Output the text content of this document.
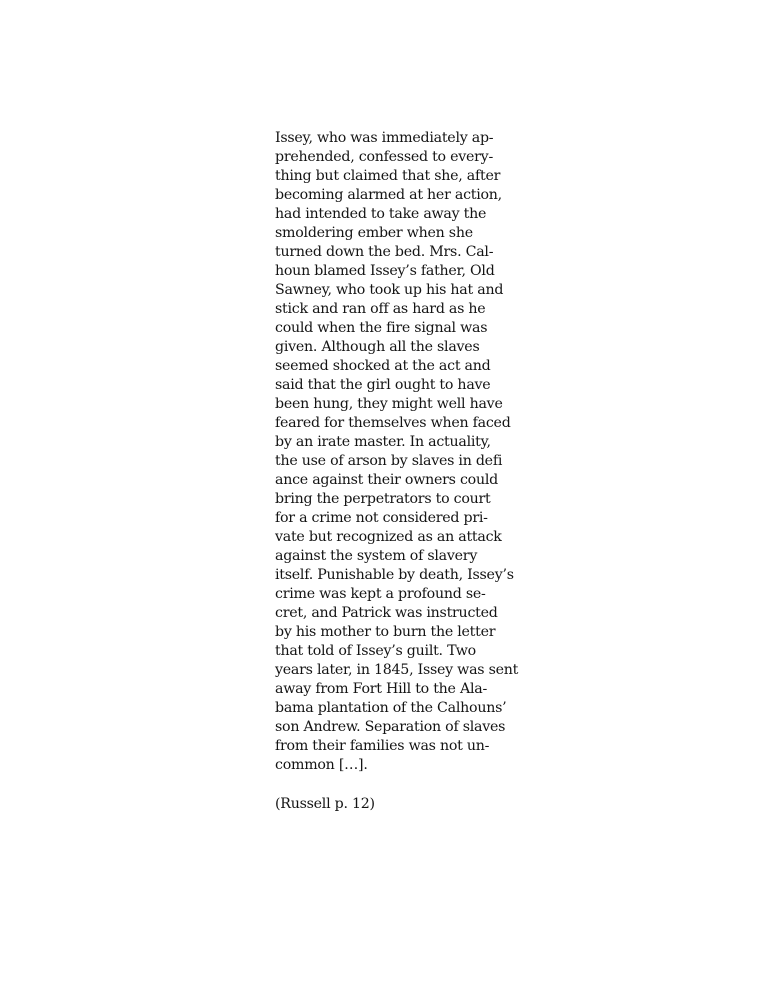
Issey, who was immediately ap-
prehended, confessed to every-
thing but claimed that she, after
becoming alarmed at her action,
had intended to take away the
smoldering ember when she
turned down the bed. Mrs. Cal-
houn blamed Issey’s father, Old
Sawney, who took up his hat and
stick and ran off as hard as he
could when the fire signal was
given. Although all the slaves
seemed shocked at the act and
said that the girl ought to have
been hung, they might well have
feared for themselves when faced
by an irate master. In actuality,
the use of arson by slaves in defi
ance against their owners could
bring the perpetrators to court
for a crime not considered pri-
vate but recognized as an attack
against the system of slavery
itself. Punishable by death, Issey’s
crime was kept a profound se-
cret, and Patrick was instructed
by his mother to burn the letter
that told of Issey’s guilt. Two
years later, in 1845, Issey was sent
away from Fort Hill to the Ala-
bama plantation of the Calhouns’
son Andrew. Separation of slaves
from their families was not un-
common […].
(Russell p. 12)
